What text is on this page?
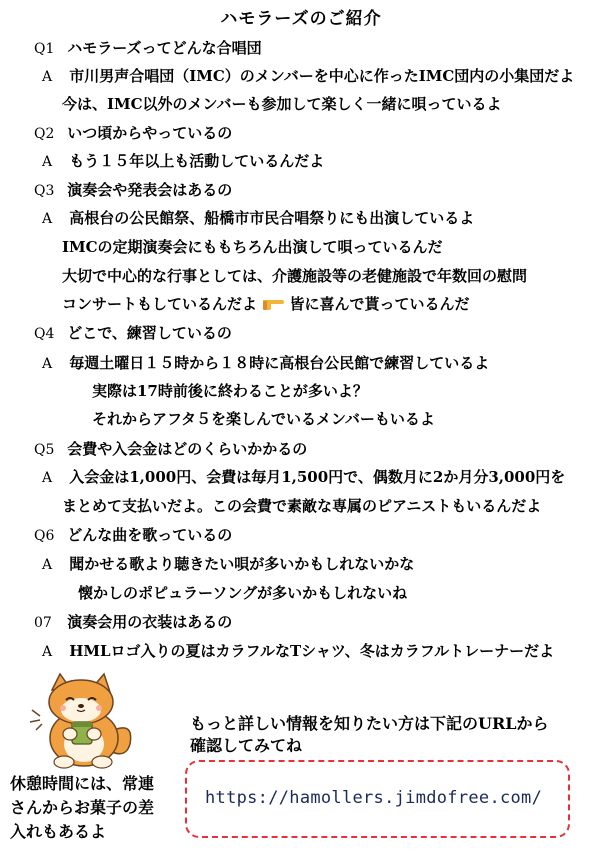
ハモラーズのご紹介
Q1 ハモラーズってどんな合唱団
A 市川男声合唱団（IMC）のメンバーを中心に作ったIMC団内の小集団だよ
今は、IMC以外のメンバーも参加して楽しく一緒に唄っているよ
Q2 いつ頃からやっているの
A もう１５年以上も活動しているんだよ
Q3 演奏会や発表会はあるの
A 高根台の公民館祭、船橋市市民合唱祭りにも出演しているよ
IMCの定期演奏会にももちろん出演して唄っているんだ
大切で中心的な行事としては、介護施設等の老健施設で年数回の慰問
コンサートもしているんだよ 皆に喜んで貰っているんだ
Q4 どこで、練習しているの
A 毎週土曜日１５時から１８時に高根台公民館で練習しているよ
実際は17時前後に終わることが多いよ？
それからアフタ５を楽しんでいるメンバーもいるよ
Q5 会費や入会金はどのくらいかかるの
A 入会金は1,000円、会費は毎月1,500円で、偶数月に2か月分3,000円を
まとめて支払いだよ。この会費で素敵な専属のピアニストもいるんだよ
Q6 どんな曲を歌っているの
A 聞かせる歌より聴きたい唄が多いかもしれないかな
懐かしのポピュラーソングが多いかもしれないね
07 演奏会用の衣装はあるの
A HMLロゴ入りの夏はカラフルなTシャツ、冬はカラフルトレーナーだよ
休憩時間には、常連
さんからお菓子の差
入れもあるよ
もっと詳しい情報を知りたい方は下記のURLから
確認してみてね
https://hamollers.jimdofree.com/
